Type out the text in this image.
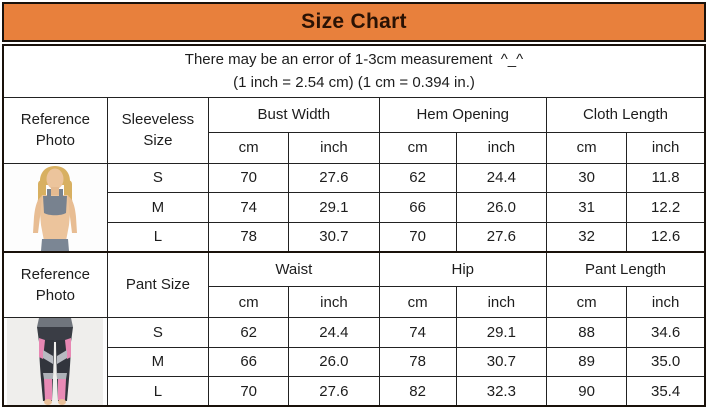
Size Chart
There may be an error of 1-3cm measurement  ^_^
(1 inch = 2.54 cm) (1 cm = 0.394 in.)							

Reference Photo	Sleeveless Size	Bust Width		Hem Opening		Cloth Length	
		cm	inch	cm	inch	cm	inch

	S	70	27.6	62	24.4	30	11.8
	M	74	29.1	66	26.0	31	12.2
	L	78	30.7	70	27.6	32	12.6

Reference Photo	Pant Size	Waist		Hip		Pant Length	
		cm	inch	cm	inch	cm	inch

	S	62	24.4	74	29.1	88	34.6
	M	66	26.0	78	30.7	89	35.0
	L	70	27.6	82	32.3	90	35.4
